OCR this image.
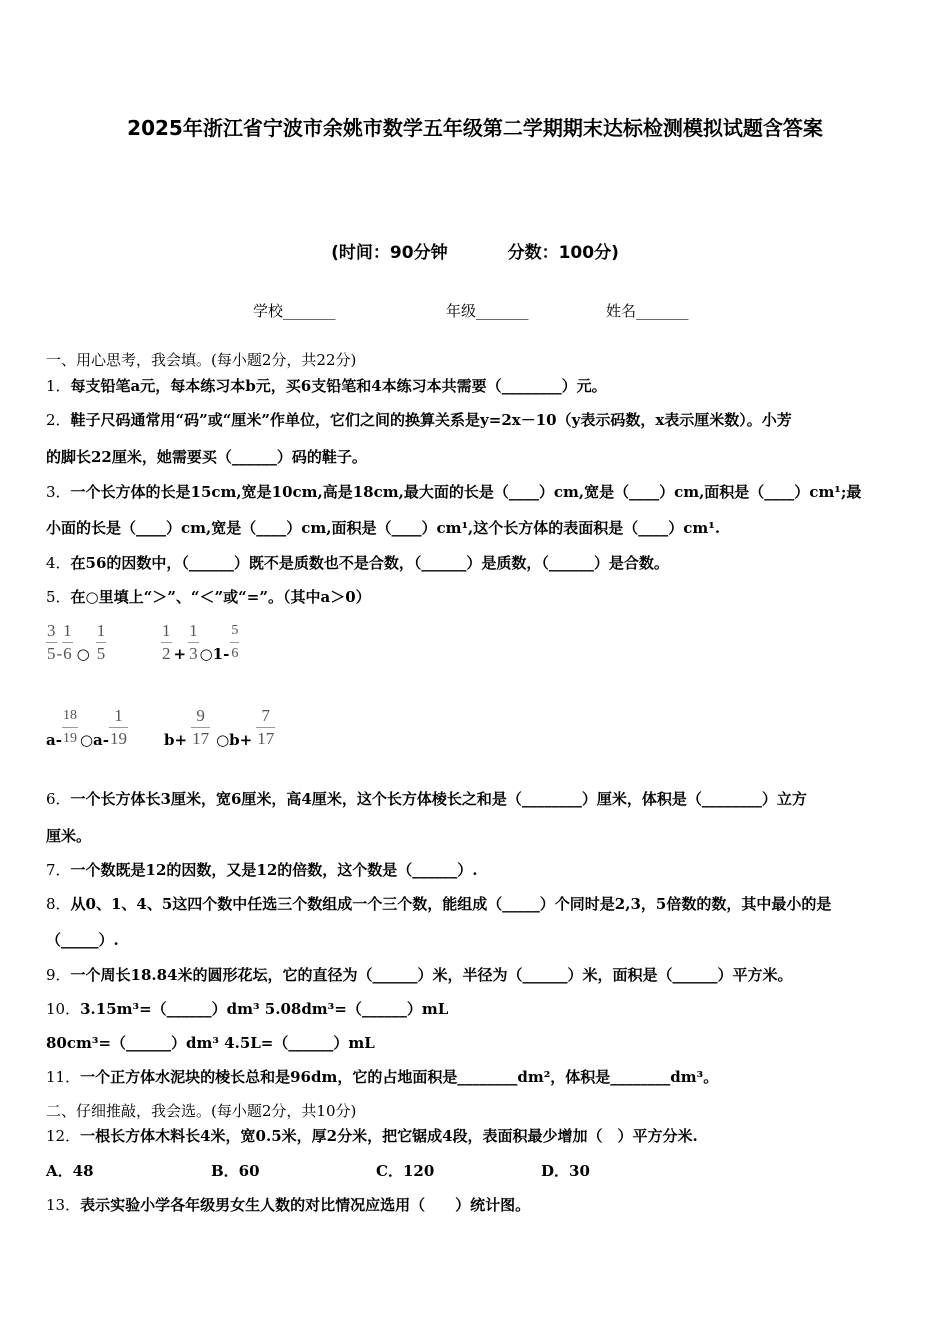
2025年浙江省宁波市余姚市数学五年级第二学期期末达标检测模拟试题含答案
(时间：90分钟	分数：100分)
学校_______	年级_______	姓名_______
一、用心思考，我会填。(每小题2分，共22分)
1．每支铅笔a元，每本练习本b元，买6支铅笔和4本练习本共需要（________）元。
2．鞋子尺码通常用“码”或“厘米”作单位，它们之间的换算关系是y=2x－10（y表示码数，x表示厘米数）。小芳
的脚长22厘米，她需要买（______）码的鞋子。
3．一个长方体的长是15cm,宽是10cm,高是18cm,最大面的长是（____）cm,宽是（____）cm,面积是（____）cm¹;最
小面的长是（____）cm,宽是（____）cm,面积是（____）cm¹,这个长方体的表面积是（____）cm¹.
4．在56的因数中，（______）既不是质数也不是合数，（______）是质数，（______）是合数。
5．在○里填上“＞”、“＜”或“=”。（其中a＞0）
$\frac{3}{5} - \frac{1}{6}$ ○ $\frac{1}{5}$	$\frac{1}{2} + \frac{1}{3}$ ○1- $\frac{5}{6}$
$a- \frac{18}{19}$ ○a- $\frac{1}{19} b+ \frac{9}{17}$ ○b+ $\frac{7}{17}$
6．一个长方体长3厘米，宽6厘米，高4厘米，这个长方体棱长之和是（________）厘米，体积是（________）立方
厘米。
7．一个数既是12的因数，又是12的倍数，这个数是（______）.
8．从0、1、4、5这四个数中任选三个数组成一个三个数，能组成（_____）个同时是2,3，5倍数的数，其中最小的是
（_____）.
9．一个周长18.84米的圆形花坛，它的直径为（______）米，半径为（______）米，面积是（______）平方米。
10．3.15m³=（______）dm³ 5.08dm³=（______）mL
80cm³=（______）dm³ 4.5L=（______）mL
11．一个正方体水泥块的棱长总和是96dm，它的占地面积是________dm²，体积是________dm³。
二、仔细推敲，我会选。(每小题2分，共10分)
12．一根长方体木料长4米，宽0.5米，厚2分米，把它锯成4段，表面积最少增加（　）平方分米.
A．48	B．60	C．120	D．30
13．表示实验小学各年级男女生人数的对比情况应选用（　　）统计图。
